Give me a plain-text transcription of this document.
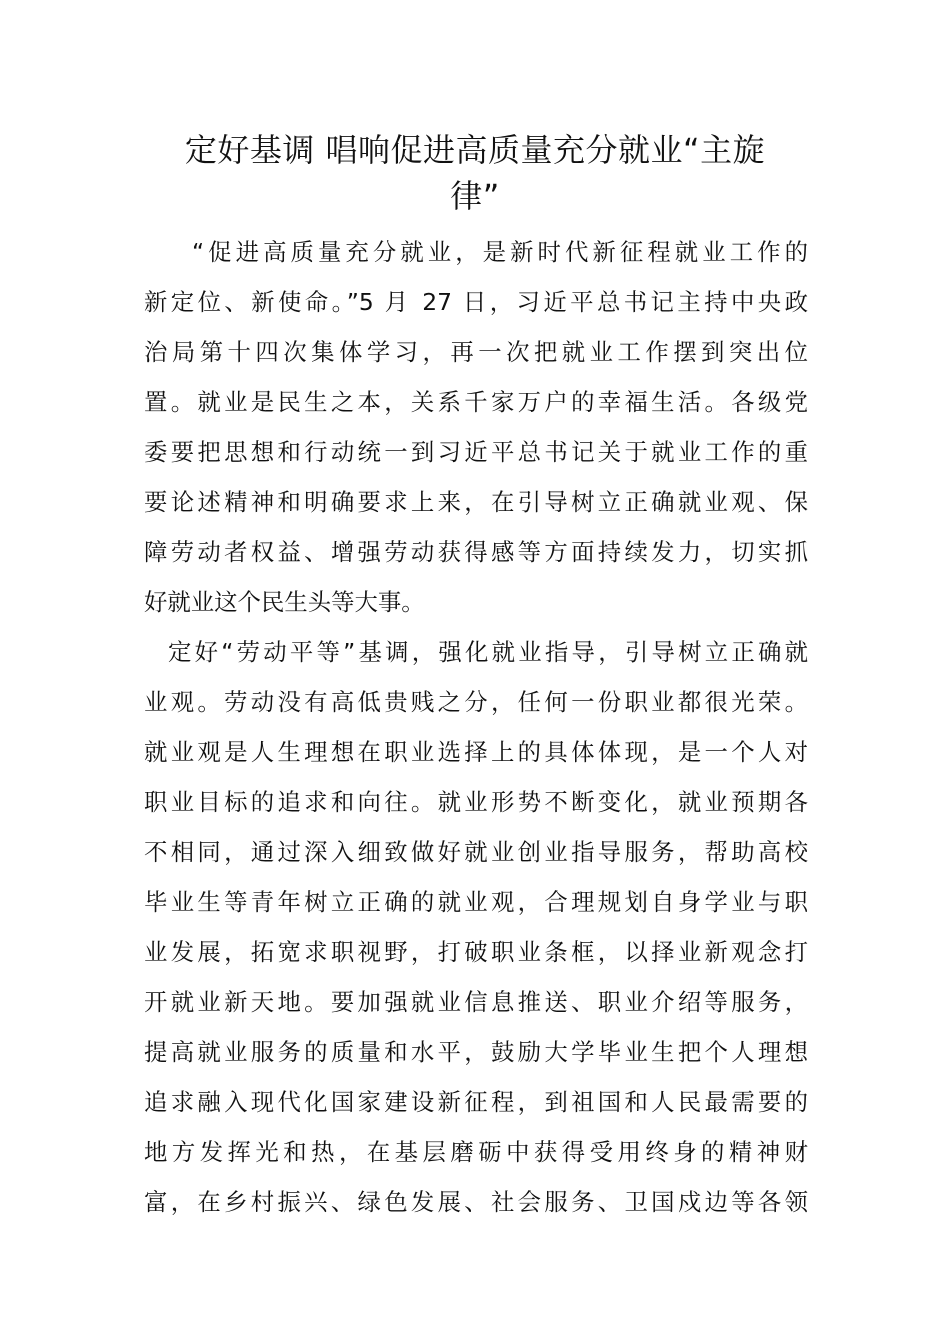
定好基调 唱响促进高质量充分就业“主旋
律”
“促进高质量充分就业，是新时代新征程就业工作的
新定位、新使命。”5 月 27 日，习近平总书记主持中央政
治局第十四次集体学习，再一次把就业工作摆到突出位
置。就业是民生之本，关系千家万户的幸福生活。各级党
委要把思想和行动统一到习近平总书记关于就业工作的重
要论述精神和明确要求上来，在引导树立正确就业观、保
障劳动者权益、增强劳动获得感等方面持续发力，切实抓
好就业这个民生头等大事。
定好“劳动平等”基调，强化就业指导，引导树立正确就
业观。劳动没有高低贵贱之分，任何一份职业都很光荣。
就业观是人生理想在职业选择上的具体体现，是一个人对
职业目标的追求和向往。就业形势不断变化，就业预期各
不相同，通过深入细致做好就业创业指导服务，帮助高校
毕业生等青年树立正确的就业观，合理规划自身学业与职
业发展，拓宽求职视野，打破职业条框，以择业新观念打
开就业新天地。要加强就业信息推送、职业介绍等服务，
提高就业服务的质量和水平，鼓励大学毕业生把个人理想
追求融入现代化国家建设新征程，到祖国和人民最需要的
地方发挥光和热，在基层磨砺中获得受用终身的精神财
富，在乡村振兴、绿色发展、社会服务、卫国戍边等各领
